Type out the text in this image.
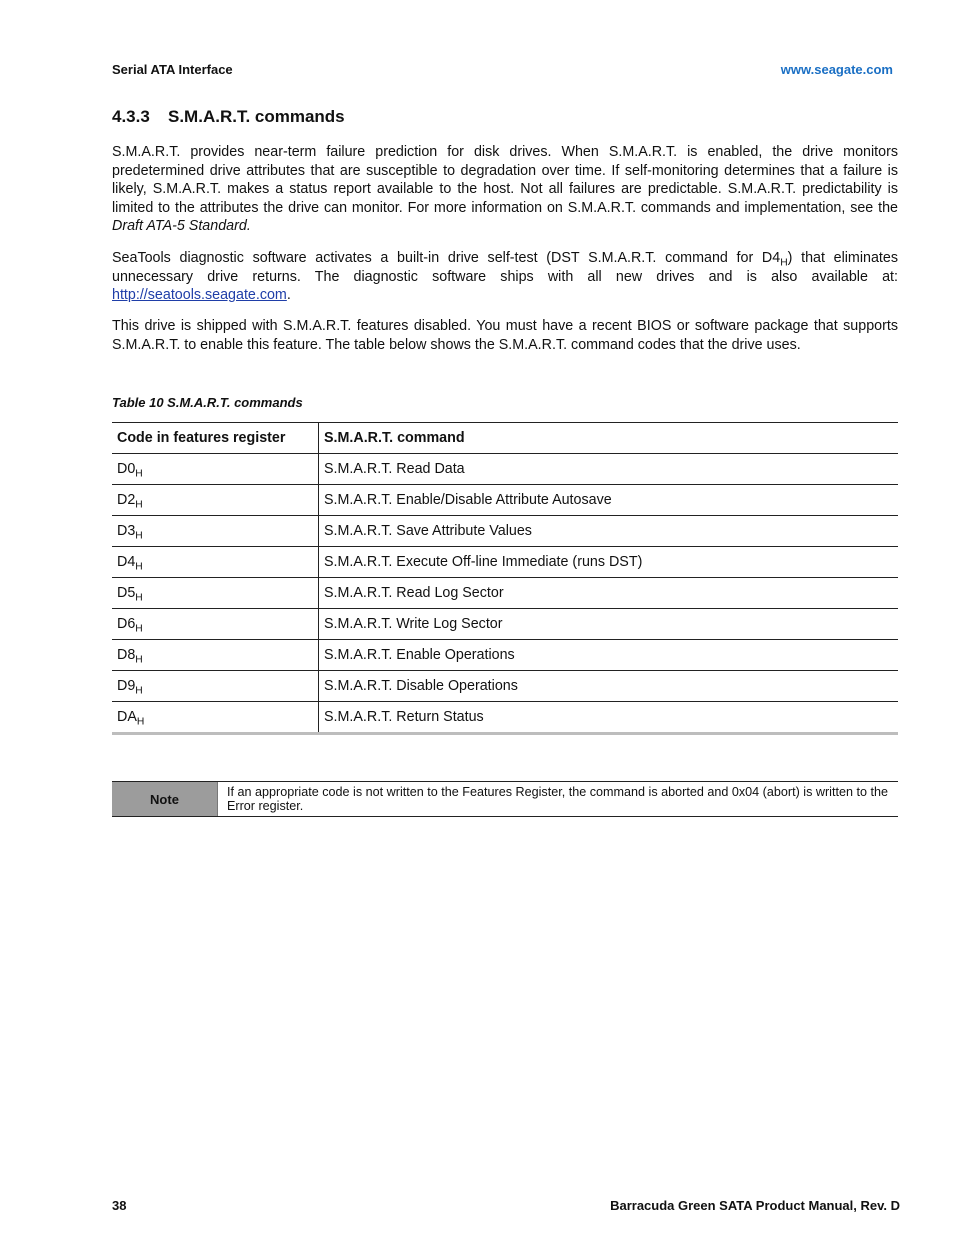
Serial ATA Interface	www.seagate.com
4.3.3 S.M.A.R.T. commands

S.M.A.R.T. provides near-term failure prediction for disk drives. When S.M.A.R.T. is enabled, the drive monitors predetermined drive attributes that are susceptible to degradation over time. If self-monitoring determines that a failure is likely, S.M.A.R.T. makes a status report available to the host. Not all failures are predictable. S.M.A.R.T. predictability is limited to the attributes the drive can monitor. For more information on S.M.A.R.T. commands and implementation, see the Draft ATA-5 Standard.

SeaTools diagnostic software activates a built-in drive self-test (DST S.M.A.R.T. command for $D4_H$) that eliminates unnecessary drive returns. The diagnostic software ships with all new drives and is also available at: http://seatools.seagate.com.

This drive is shipped with S.M.A.R.T. features disabled. You must have a recent BIOS or software package that supports S.M.A.R.T. to enable this feature. The table below shows the S.M.A.R.T. command codes that the drive uses.

Table 10 S.M.A.R.T. commands
Code in features register	S.M.A.R.T. command
$D0_H$	S.M.A.R.T. Read Data
$D2_H$	S.M.A.R.T. Enable/Disable Attribute Autosave
$D3_H$	S.M.A.R.T. Save Attribute Values
$D4_H$	S.M.A.R.T. Execute Off-line Immediate (runs DST)
$D5_H$	S.M.A.R.T. Read Log Sector
$D6_H$	S.M.A.R.T. Write Log Sector
$D8_H$	S.M.A.R.T. Enable Operations
$D9_H$	S.M.A.R.T. Disable Operations
$DA_H$	S.M.A.R.T. Return Status
Note	If an appropriate code is not written to the Features Register, the command is aborted and 0x04 (abort) is written to the Error register.
38	Barracuda Green SATA Product Manual, Rev. D
